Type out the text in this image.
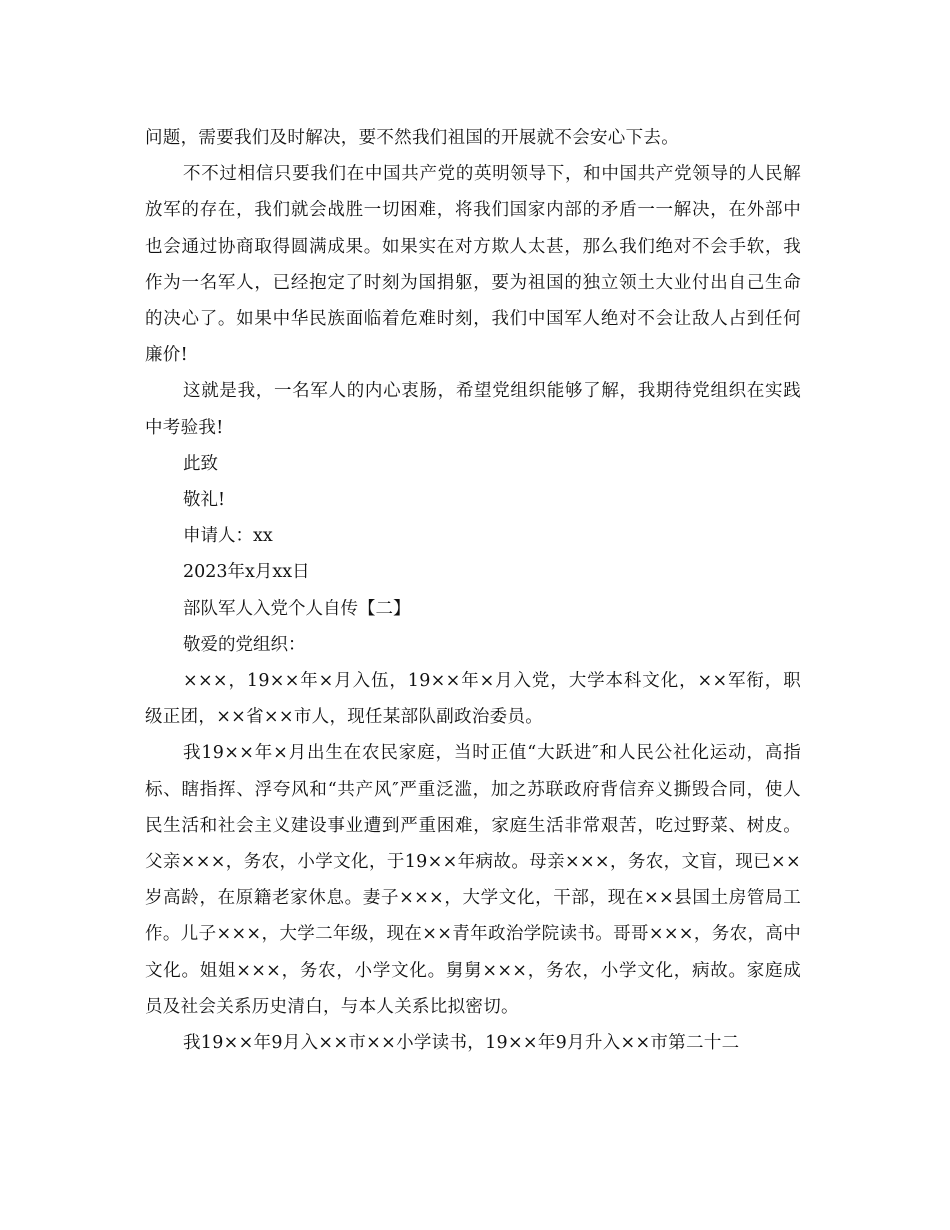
问题，需要我们及时解决，要不然我们祖国的开展就不会安心下去。

不不过相信只要我们在中国共产党的英明领导下，和中国共产党领导的人民解放军的存在，我们就会战胜一切困难，将我们国家内部的矛盾一一解决，在外部中也会通过协商取得圆满成果。如果实在对方欺人太甚，那么我们绝对不会手软，我作为一名军人，已经抱定了时刻为国捐躯，要为祖国的独立领土大业付出自己生命的决心了。如果中华民族面临着危难时刻，我们中国军人绝对不会让敌人占到任何廉价!

这就是我，一名军人的内心衷肠，希望党组织能够了解，我期待党组织在实践中考验我!

此致

敬礼!

申请人：xx

2023年x月xx日

部队军人入党个人自传【二】

敬爱的党组织：

×××，19××年×月入伍，19××年×月入党，大学本科文化，××军衔，职级正团，××省××市人，现任某部队副政治委员。

我19××年×月出生在农民家庭，当时正值“大跃进″和人民公社化运动，高指标、瞎指挥、浮夸风和“共产风″严重泛滥，加之苏联政府背信弃义撕毁合同，使人民生活和社会主义建设事业遭到严重困难，家庭生活非常艰苦，吃过野菜、树皮。父亲×××，务农，小学文化，于19××年病故。母亲×××，务农，文盲，现已××岁高龄，在原籍老家休息。妻子×××，大学文化，干部，现在××县国土房管局工作。儿子×××，大学二年级，现在××青年政治学院读书。哥哥×××，务农，高中文化。姐姐×××，务农，小学文化。舅舅×××，务农，小学文化，病故。家庭成员及社会关系历史清白，与本人关系比拟密切。

我19××年9月入××市××小学读书，19××年9月升入××市第二十二
